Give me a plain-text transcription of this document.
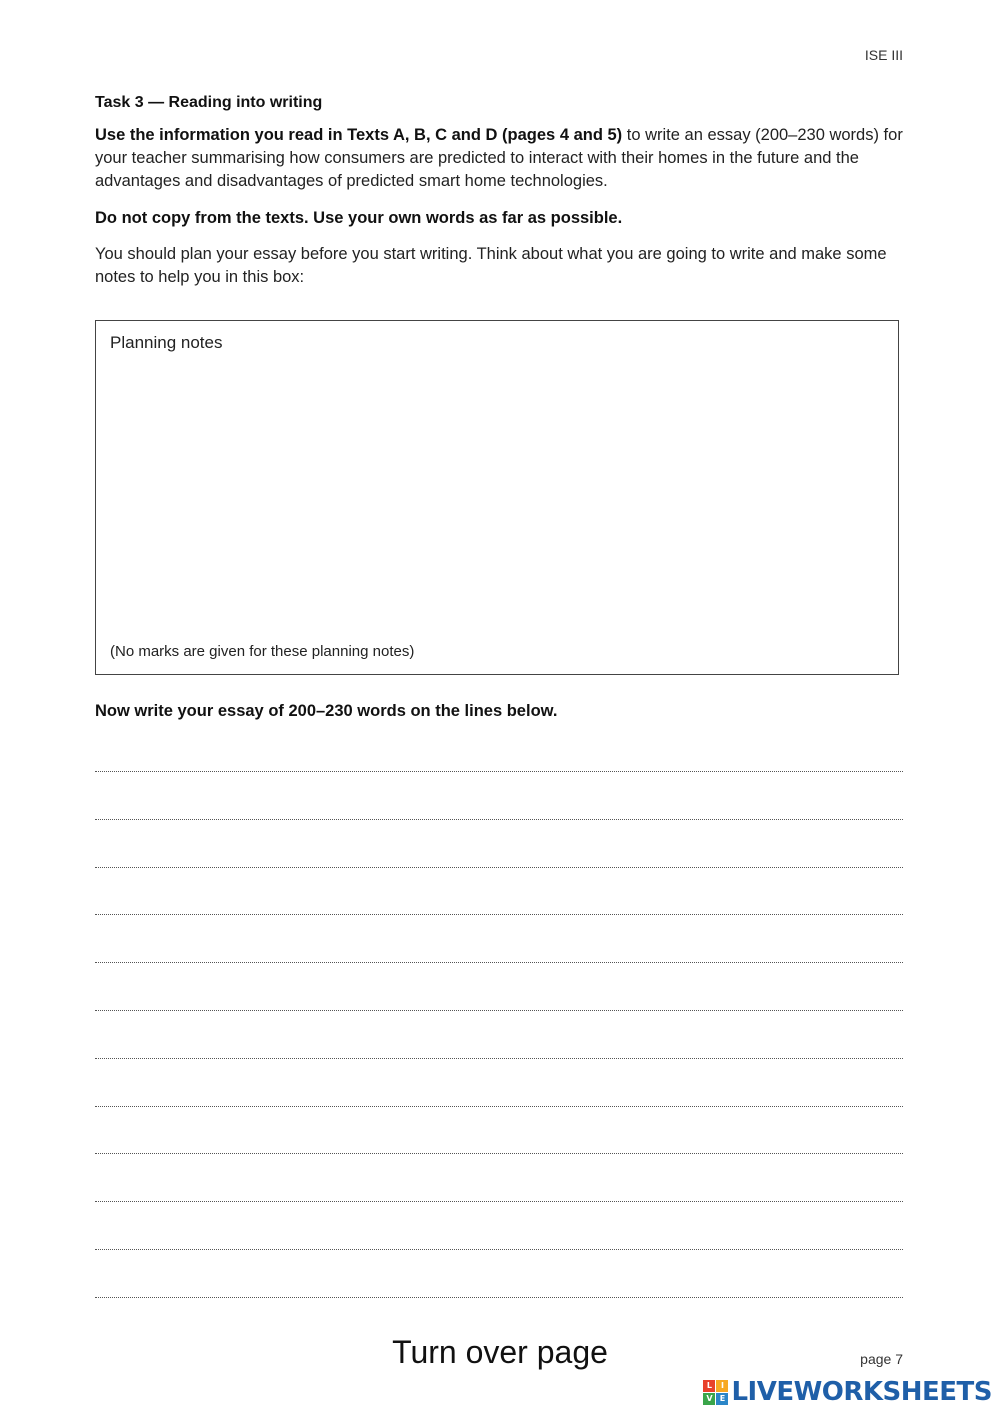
ISE III
Task 3 — Reading into writing
Use the information you read in Texts A, B, C and D (pages 4 and 5) to write an essay (200–230 words) for your teacher summarising how consumers are predicted to interact with their homes in the future and the advantages and disadvantages of predicted smart home technologies.
Do not copy from the texts. Use your own words as far as possible.
You should plan your essay before you start writing. Think about what you are going to write and make some notes to help you in this box:
Planning notes
(No marks are given for these planning notes)
Now write your essay of 200–230 words on the lines below.
Turn over page	page 7
L	I
V E LIVEWORKSHEETS
